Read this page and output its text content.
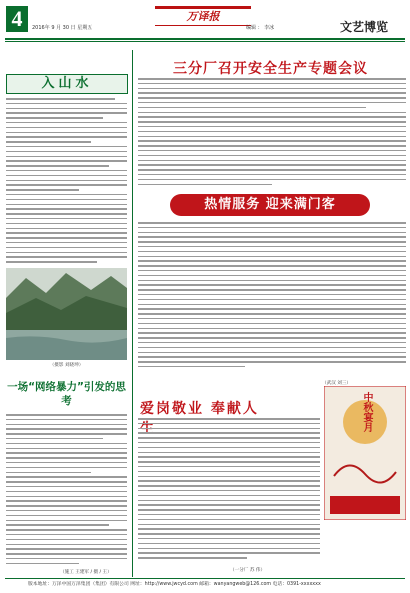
4	2016年 9 月 30 日 星期五
万译报
编辑 ： 李冰	文艺博览
入山水
（摄影 刘晓坤）
一场“网络暴力”引发的思考
（施工 王建军 / 摄 / 王）
三分厂召开安全生产专题会议
热情服务 迎来满门客
（武汉 刘三）
爱岗敬业 奉献人
（一分厂 苏 伟）
中秋宴月
版本地址：万泽中国万泽集团（集团）有限公司 网址：http://www.jwcyd.com 邮箱：wanyangweb@126.com 电话：0391-xxxxxxx
